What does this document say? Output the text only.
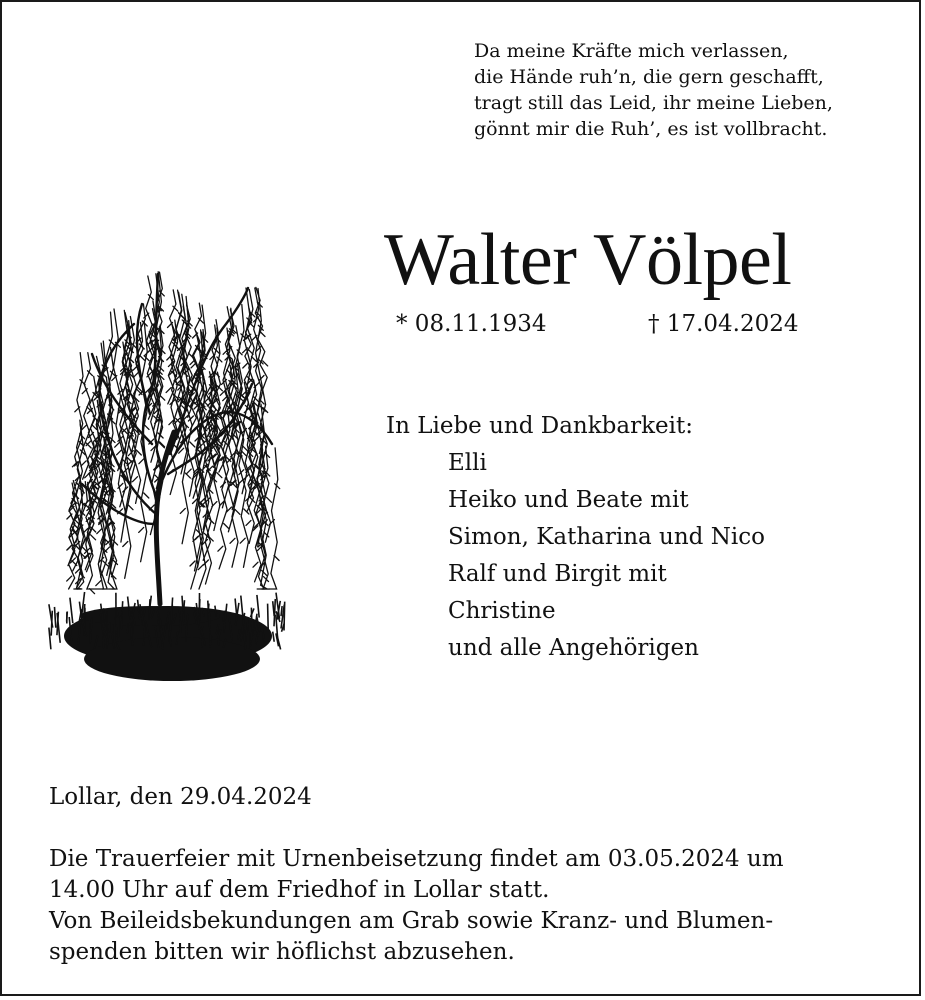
Da meine Kräfte mich verlassen,
die Hände ruh’n, die gern geschafft,
tragt still das Leid, ihr meine Lieben,
gönnt mir die Ruh’, es ist vollbracht.
Walter Völpel
* 08.11.1934	† 17.04.2024
In Liebe und Dankbarkeit:
Elli
Heiko und Beate mit
Simon, Katharina und Nico
Ralf und Birgit mit
Christine
und alle Angehörigen
Lollar, den 29.04.2024
Die Trauerfeier mit Urnenbeisetzung findet am 03.05.2024 um
14.00 Uhr auf dem Friedhof in Lollar statt.
Von Beileidsbekundungen am Grab sowie Kranz- und Blumen-
spenden bitten wir höflichst abzusehen.
